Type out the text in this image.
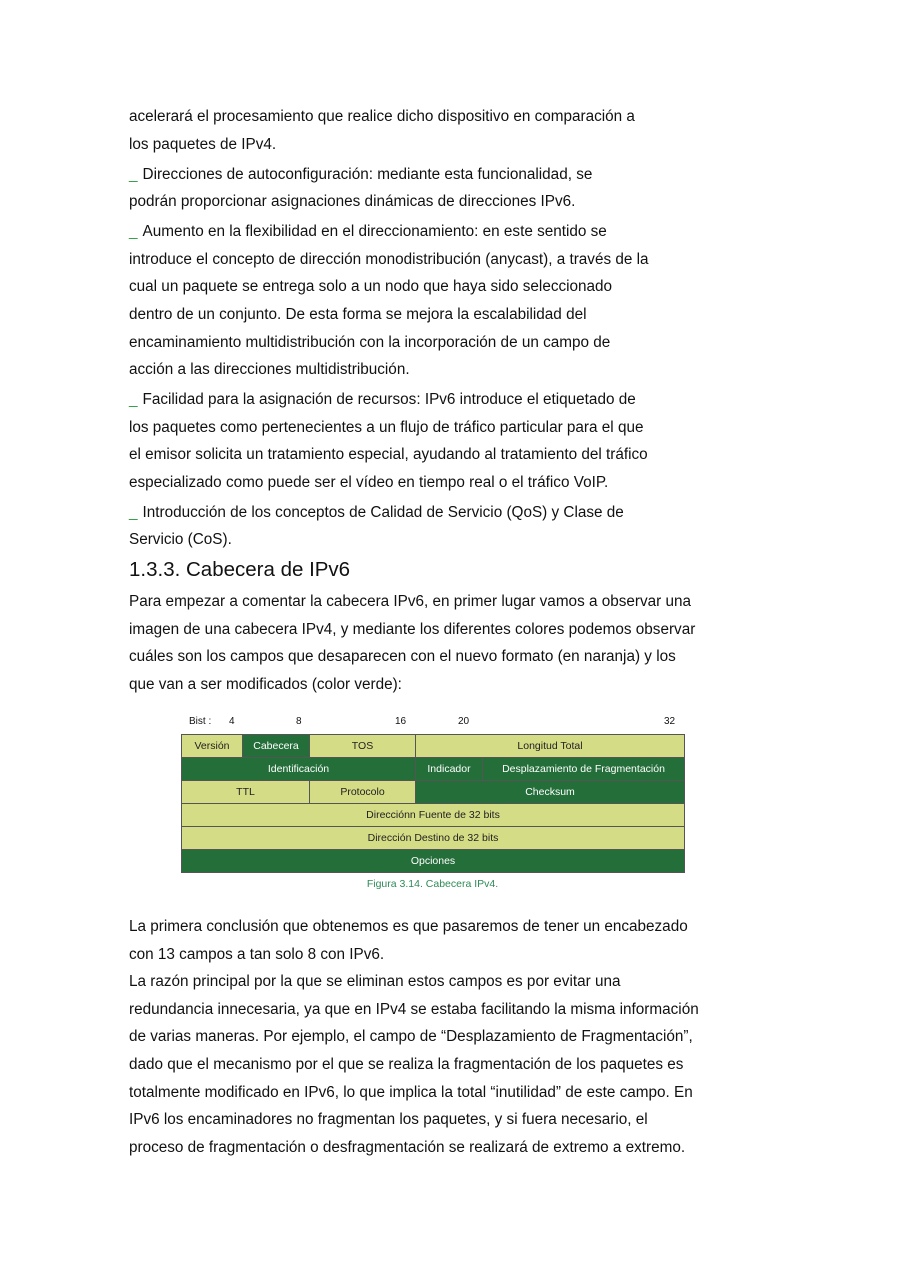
acelerará el procesamiento que realice dicho dispositivo en comparación a

los paquetes de IPv4.

_ Direcciones de autoconfiguración: mediante esta funcionalidad, se

podrán proporcionar asignaciones dinámicas de direcciones IPv6.

_ Aumento en la flexibilidad en el direccionamiento: en este sentido se

introduce el concepto de dirección monodistribución (anycast), a través de la

cual un paquete se entrega solo a un nodo que haya sido seleccionado

dentro de un conjunto. De esta forma se mejora la escalabilidad del

encaminamiento multidistribución con la incorporación de un campo de

acción a las direcciones multidistribución.

_ Facilidad para la asignación de recursos: IPv6 introduce el etiquetado de

los paquetes como pertenecientes a un flujo de tráfico particular para el que

el emisor solicita un tratamiento especial, ayudando al tratamiento del tráfico

especializado como puede ser el vídeo en tiempo real o el tráfico VoIP.

_ Introducción de los conceptos de Calidad de Servicio (QoS) y Clase de

Servicio (CoS).

1.3.3. Cabecera de IPv6

Para empezar a comentar la cabecera IPv6, en primer lugar vamos a observar una

imagen de una cabecera IPv4, y mediante los diferentes colores podemos observar

cuáles son los campos que desaparecen con el nuevo formato (en naranja) y los

que van a ser modificados (color verde):

Bist : 4	8	16	20	32
Versión	Cabecera	TOS	Longitud Total	
Identificación			Indicador	Desplazamiento de Fragmentación
TTL		Protocolo	Checksum	
Direcciónn Fuente de 32 bits				
Dirección Destino de 32 bits				
Opciones				
Figura 3.14. Cabecera IPv4.

La primera conclusión que obtenemos es que pasaremos de tener un encabezado

con 13 campos a tan solo 8 con IPv6.

La razón principal por la que se eliminan estos campos es por evitar una

redundancia innecesaria, ya que en IPv4 se estaba facilitando la misma información

de varias maneras. Por ejemplo, el campo de “Desplazamiento de Fragmentación”,

dado que el mecanismo por el que se realiza la fragmentación de los paquetes es

totalmente modificado en IPv6, lo que implica la total “inutilidad” de este campo. En

IPv6 los encaminadores no fragmentan los paquetes, y si fuera necesario, el

proceso de fragmentación o desfragmentación se realizará de extremo a extremo.
